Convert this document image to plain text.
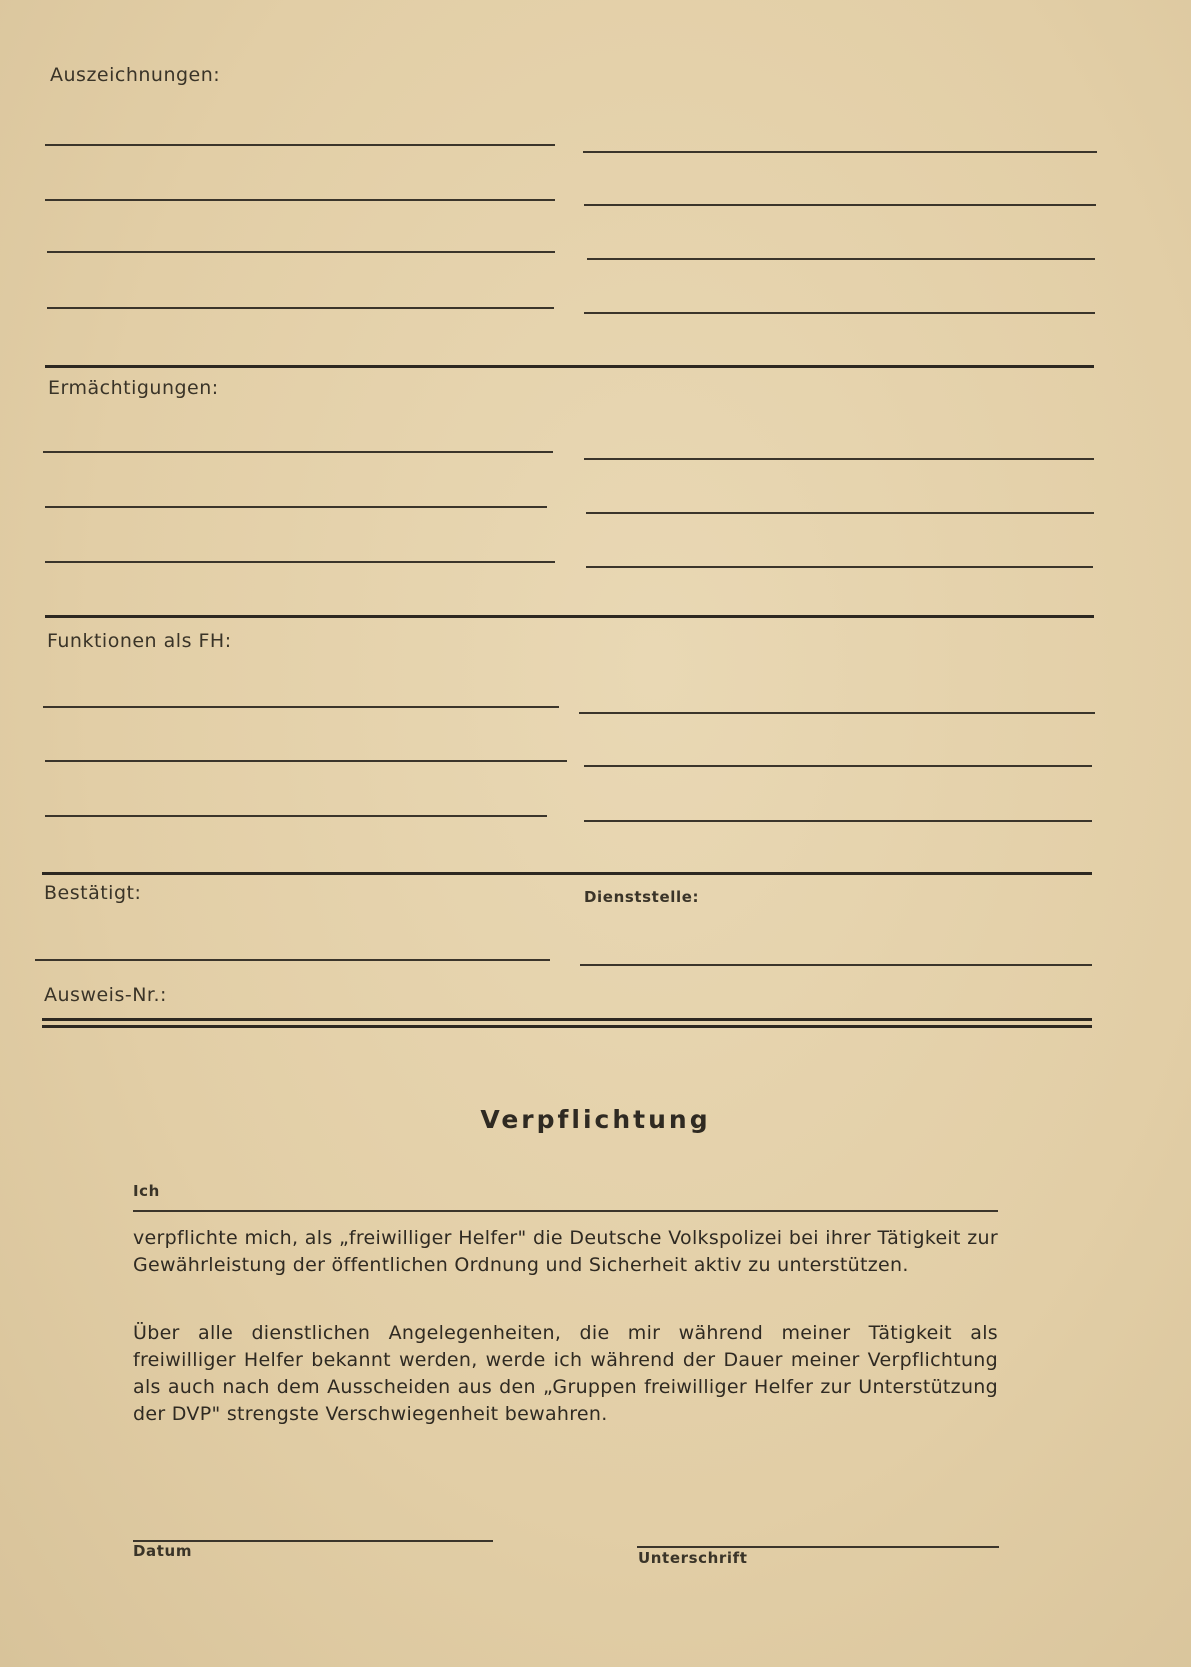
Auszeichnungen:
Ermächtigungen:
Funktionen als FH:
Bestätigt:	Dienststelle:
Ausweis-Nr.:
Verpflichtung
Ich
verpflichte mich, als „freiwilliger Helfer" die Deutsche Volkspolizei bei ihrer Tätigkeit zur Gewährleistung der öffentlichen Ordnung und Sicherheit aktiv zu unterstützen.
Über alle dienstlichen Angelegenheiten, die mir während meiner Tätigkeit als freiwilliger Helfer bekannt werden, werde ich während der Dauer meiner Verpflichtung als auch nach dem Ausscheiden aus den „Gruppen freiwilliger Helfer zur Unterstützung der DVP" strengste Verschwiegenheit bewahren.
Datum	Unterschrift
